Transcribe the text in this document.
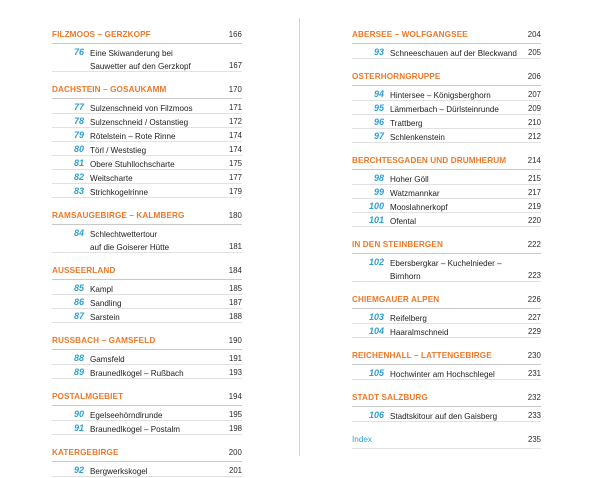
FILZMOOS – GERZKOPF	166
76 Eine Skiwanderung bei
Sauwetter auf den Gerzkopf	167
DACHSTEIN – GOSAUKAMM	170
77 Sulzenschneid von Filzmoos	171
78 Sulzenschneid / Ostanstieg	172
79 Rötelstein – Rote Rinne	174
80 Törl / Weststieg	174
81 Obere Stuhllochscharte	175
82 Weitscharte	177
83 Strichkogelrinne	179
RAMSAUGEBIRGE – KALMBERG	180
84 Schlechtwettertour
auf die Goiserer Hütte	181
AUSSEERLAND	184
85 Kampl	185
86 Sandling	187
87 Sarstein	188
RUSSBACH – GAMSFELD	190
88 Gamsfeld	191
89 Braunedlkogel – Rußbach	193
POSTALMGEBIET	194
90 Egelseehörndlrunde	195
91 Braunedlkogel – Postalm	198
KATERGEBIRGE	200
92 Bergwerkskogel	201
ABERSEE – WOLFGANGSEE	204
93 Schneeschauen auf der Bleckwand 205
OSTERHORNGRUPPE	206
94 Hintersee – Königsberghorn	207
95 Lämmerbach – Dürlsteinrunde	209
96 Trattberg	210
97 Schlenkenstein	212
BERCHTESGADEN UND DRUMHERUM	214
98 Hoher Göll	215
99 Watzmannkar	217
100 Mooslahnerkopf	219
101 Ofental	220
IN DEN STEINBERGEN	222
102 Ebersbergkar – Kuchelnieder –
Birnhorn	223
CHIEMGAUER ALPEN	226
103 Reifelberg	227
104 Haaralmschneid	229
REICHENHALL – LATTENGEBIRGE	230
105 Hochwinter am Hochschlegel	231
STADT SALZBURG	232
106 Stadtskitour auf den Gaisberg	233
Index	235
